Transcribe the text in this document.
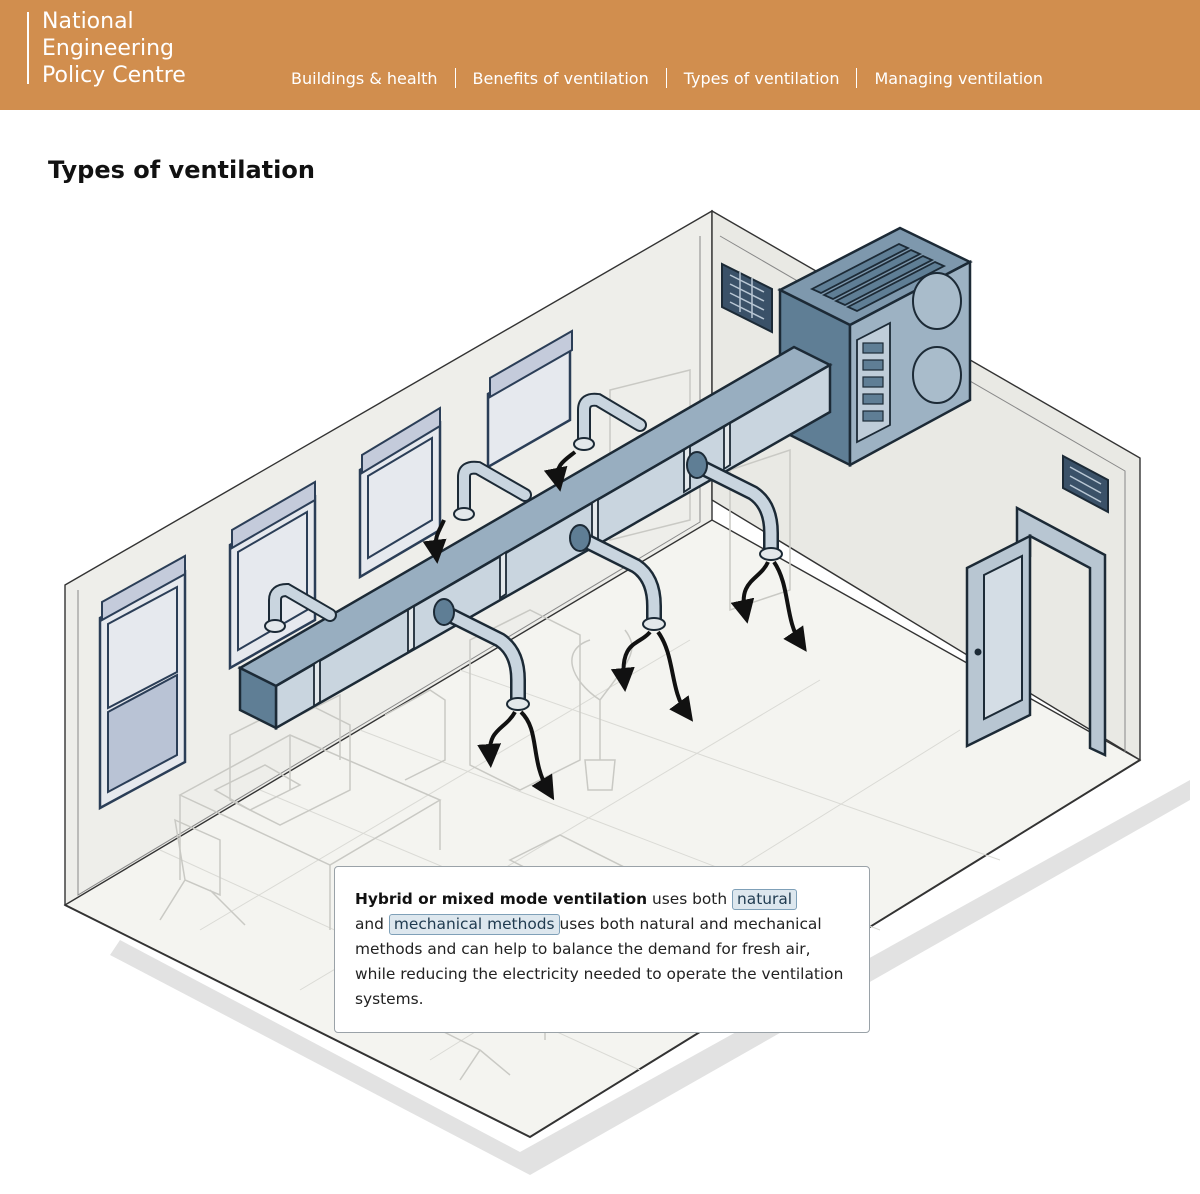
National
Engineering
Policy Centre	Buildings & health Benefits of ventilation Types of ventilation Managing ventilation
Types of ventilation
Hybrid or mixed mode ventilation uses both natural
and mechanical methods uses both natural and mechanical methods and can help to balance the demand for fresh air, while reducing the electricity needed to operate the ventilation systems.
